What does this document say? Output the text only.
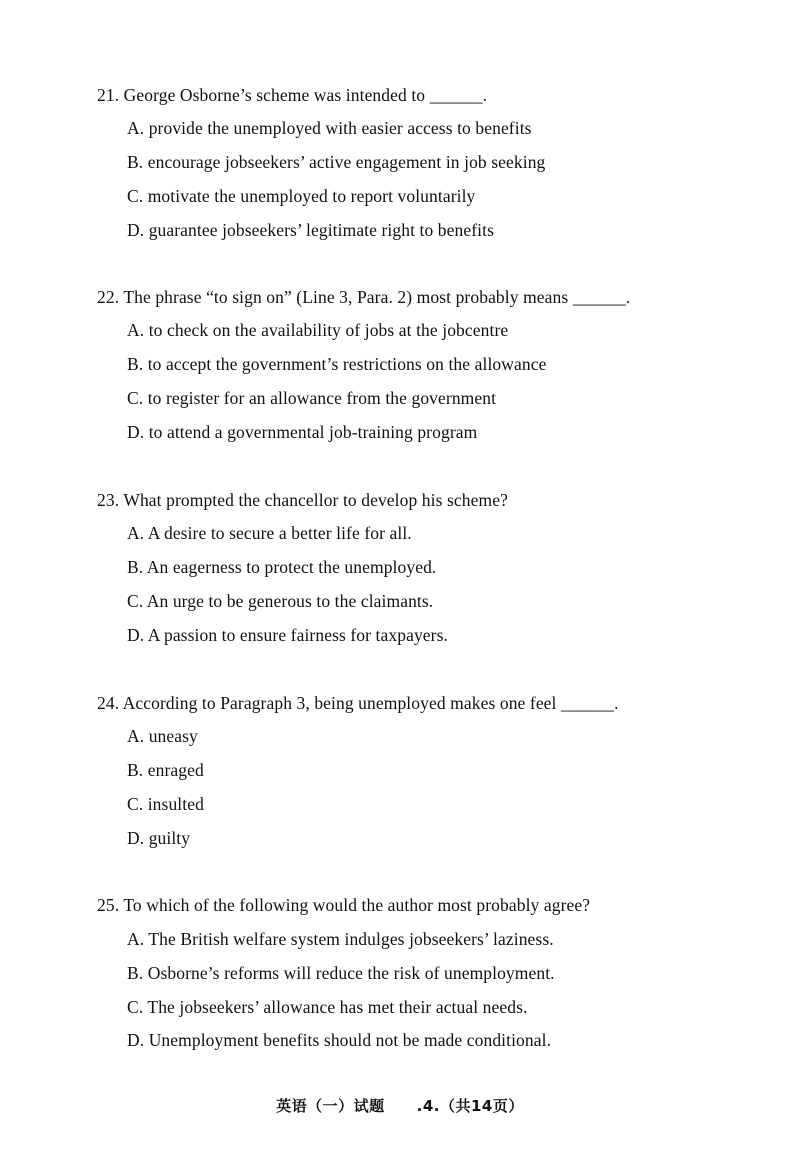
21. George Osborne’s scheme was intended to ______.
A. provide the unemployed with easier access to benefits
B. encourage jobseekers’ active engagement in job seeking
C. motivate the unemployed to report voluntarily
D. guarantee jobseekers’ legitimate right to benefits
22. The phrase “to sign on” (Line 3, Para. 2) most probably means ______.
A. to check on the availability of jobs at the jobcentre
B. to accept the government’s restrictions on the allowance
C. to register for an allowance from the government
D. to attend a governmental job-training program
23. What prompted the chancellor to develop his scheme?
A. A desire to secure a better life for all.
B. An eagerness to protect the unemployed.
C. An urge to be generous to the claimants.
D. A passion to ensure fairness for taxpayers.
24. According to Paragraph 3, being unemployed makes one feel ______.
A. uneasy
B. enraged
C. insulted
D. guilty
25. To which of the following would the author most probably agree?
A. The British welfare system indulges jobseekers’ laziness.
B. Osborne’s reforms will reduce the risk of unemployment.
C. The jobseekers’ allowance has met their actual needs.
D. Unemployment benefits should not be made conditional.
英语（一）试题 .4.（共14页）
